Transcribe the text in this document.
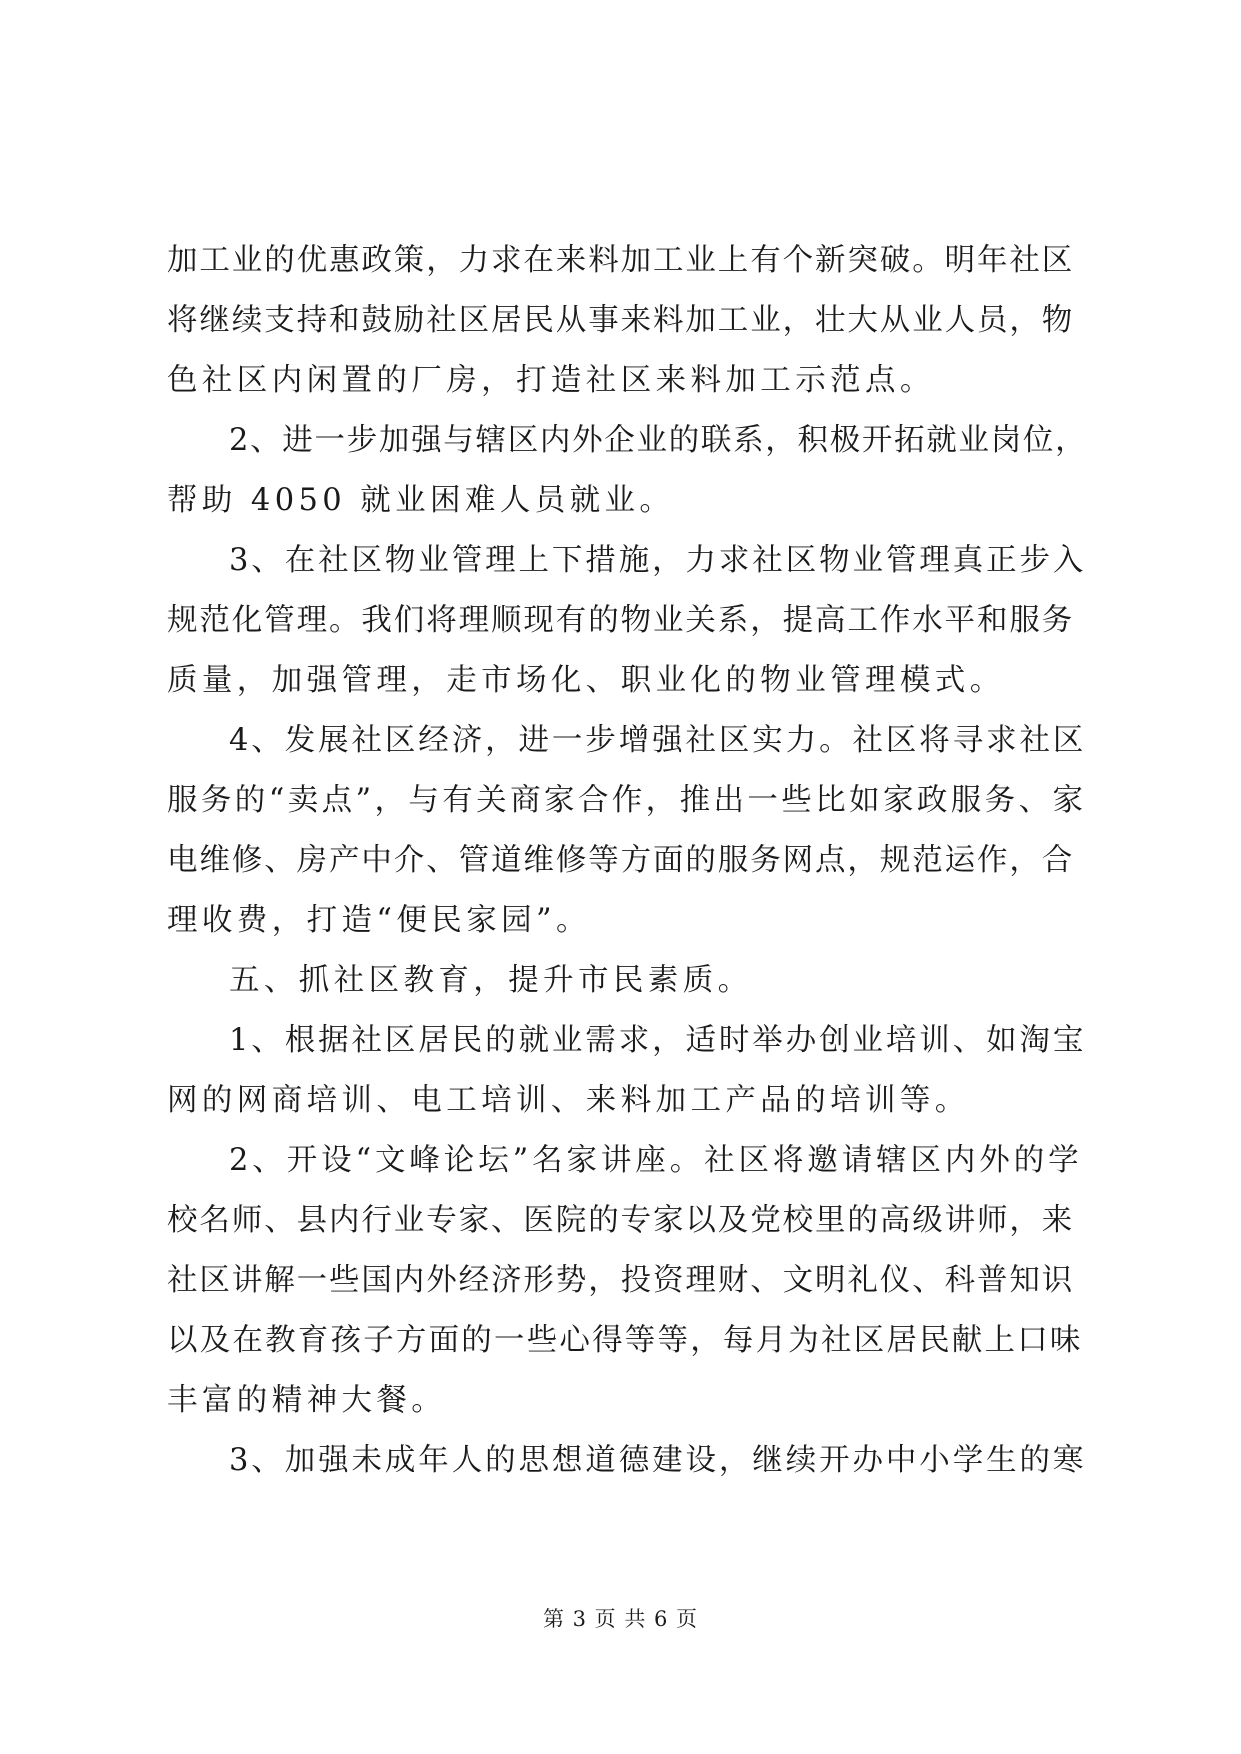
加工业的优惠政策，力求在来料加工业上有个新突破。明年社区
将继续支持和鼓励社区居民从事来料加工业，壮大从业人员，物
色社区内闲置的厂房，打造社区来料加工示范点。
2、进一步加强与辖区内外企业的联系，积极开拓就业岗位，
帮助 4050 就业困难人员就业。
3、在社区物业管理上下措施，力求社区物业管理真正步入
规范化管理。我们将理顺现有的物业关系，提高工作水平和服务
质量，加强管理，走市场化、职业化的物业管理模式。
4、发展社区经济，进一步增强社区实力。社区将寻求社区
服务的“卖点”，与有关商家合作，推出一些比如家政服务、家
电维修、房产中介、管道维修等方面的服务网点，规范运作，合
理收费，打造“便民家园”。
五、抓社区教育，提升市民素质。
1、根据社区居民的就业需求，适时举办创业培训、如淘宝
网的网商培训、电工培训、来料加工产品的培训等。
2、开设“文峰论坛”名家讲座。社区将邀请辖区内外的学
校名师、县内行业专家、医院的专家以及党校里的高级讲师，来
社区讲解一些国内外经济形势，投资理财、文明礼仪、科普知识
以及在教育孩子方面的一些心得等等，每月为社区居民献上口味
丰富的精神大餐。
3、加强未成年人的思想道德建设，继续开办中小学生的寒
第 3 页 共 6 页
